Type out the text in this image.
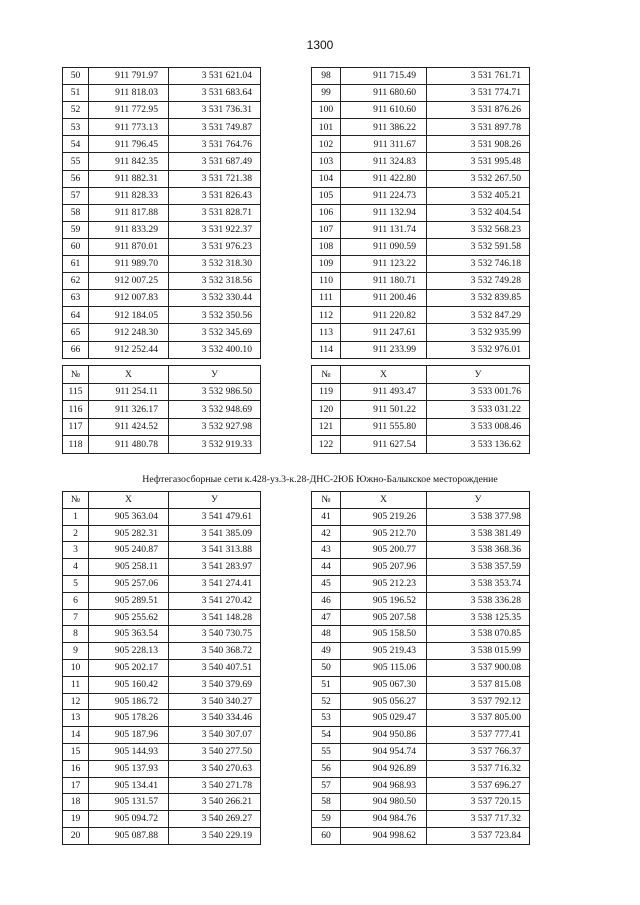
1300
50	911 791.97	3 531 621.04
51	911 818.03	3 531 683.64
52	911 772.95	3 531 736.31
53	911 773.13	3 531 749.87
54	911 796.45	3 531 764.76
55	911 842.35	3 531 687.49
56	911 882.31	3 531 721.38
57	911 828.33	3 531 826.43
58	911 817.88	3 531 828.71
59	911 833.29	3 531 922.37
60	911 870.01	3 531 976.23
61	911 989.70	3 532 318.30
62	912 007.25	3 532 318.56
63	912 007.83	3 532 330.44
64	912 184.05	3 532 350.56
65	912 248.30	3 532 345.69
66	912 252.44	3 532 400.10
98	911 715.49	3 531 761.71
99	911 680.60	3 531 774.71
100	911 610.60	3 531 876.26
101	911 386.22	3 531 897.78
102	911 311.67	3 531 908.26
103	911 324.83	3 531 995.48
104	911 422.80	3 532 267.50
105	911 224.73	3 532 405.21
106	911 132.94	3 532 404.54
107	911 131.74	3 532 568.23
108	911 090.59	3 532 591.58
109	911 123.22	3 532 746.18
110	911 180.71	3 532 749.28
111	911 200.46	3 532 839.85
112	911 220.82	3 532 847.29
113	911 247.61	3 532 935.99
114	911 233.99	3 532 976.01
№	Х	У
115	911 254.11	3 532 986.50
116	911 326.17	3 532 948.69
117	911 424.52	3 532 927.98
118	911 480.78	3 532 919.33
№	Х	У
119	911 493.47	3 533 001.76
120	911 501.22	3 533 031.22
121	911 555.80	3 533 008.46
122	911 627.54	3 533 136.62
Нефтегазосборные сети к.428-уз.3-к.28-ДНС-2ЮБ Южно-Балыкское месторождение
№	Х	У
1	905 363.04	3 541 479.61
2	905 282.31	3 541 385.09
3	905 240.87	3 541 313.88
4	905 258.11	3 541 283.97
5	905 257.06	3 541 274.41
6	905 289.51	3 541 270.42
7	905 255.62	3 541 148.28
8	905 363.54	3 540 730.75
9	905 228.13	3 540 368.72
10	905 202.17	3 540 407.51
11	905 160.42	3 540 379.69
12	905 186.72	3 540 340.27
13	905 178.26	3 540 334.46
14	905 187.96	3 540 307.07
15	905 144.93	3 540 277.50
16	905 137.93	3 540 270.63
17	905 134.41	3 540 271.78
18	905 131.57	3 540 266.21
19	905 094.72	3 540 269.27
20	905 087.88	3 540 229.19
№	Х	У
41	905 219.26	3 538 377.98
42	905 212.70	3 538 381.49
43	905 200.77	3 538 368.36
44	905 207.96	3 538 357.59
45	905 212.23	3 538 353.74
46	905 196.52	3 538 336.28
47	905 207.58	3 538 125.35
48	905 158.50	3 538 070.85
49	905 219.43	3 538 015.99
50	905 115.06	3 537 900.08
51	905 067.30	3 537 815.08
52	905 056.27	3 537 792.12
53	905 029.47	3 537 805.00
54	904 950.86	3 537 777.41
55	904 954.74	3 537 766.37
56	904 926.89	3 537 716.32
57	904 968.93	3 537 696.27
58	904 980.50	3 537 720.15
59	904 984.76	3 537 717.32
60	904 998.62	3 537 723.84
